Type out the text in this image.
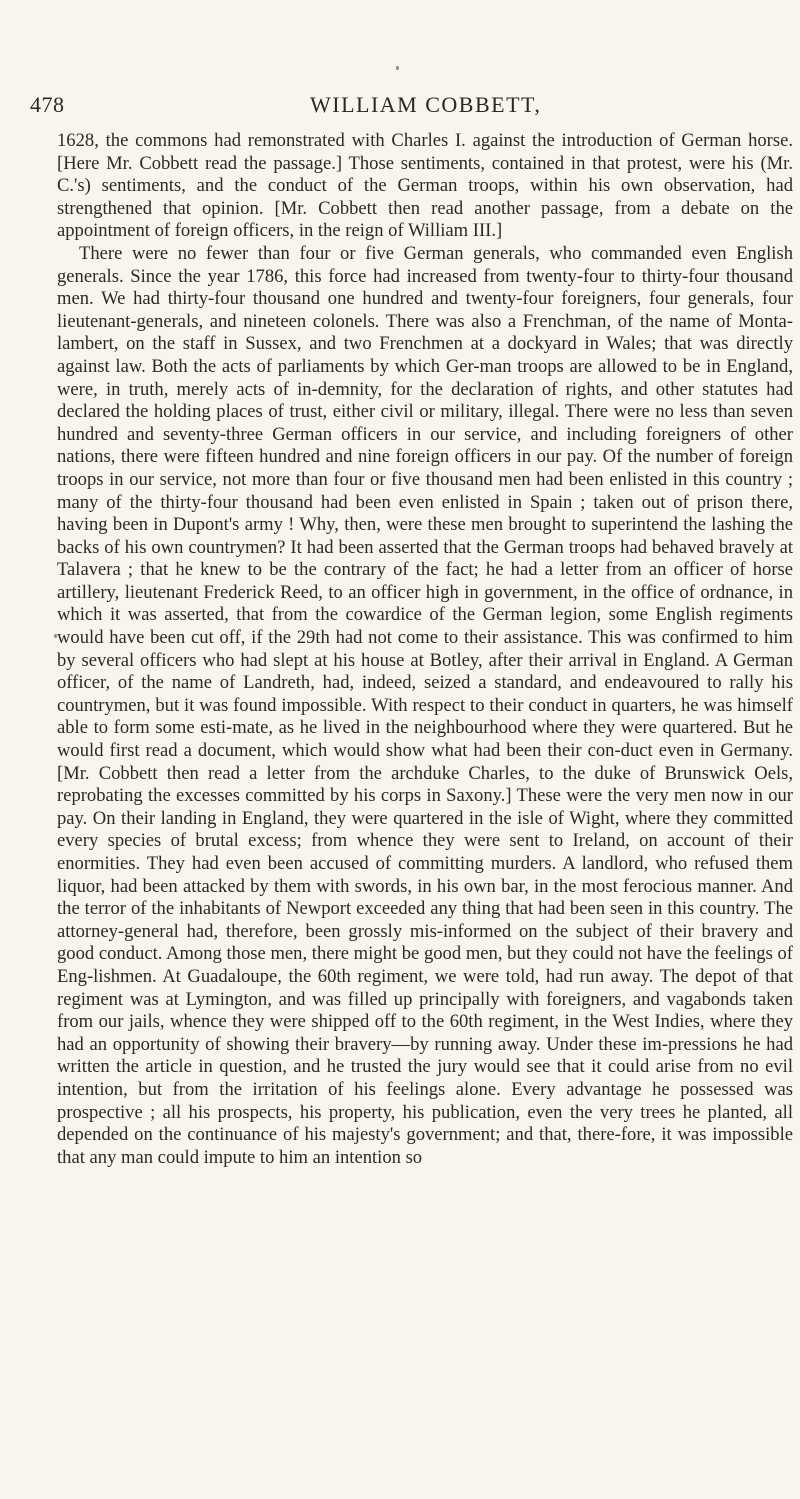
478	WILLIAM COBBETT,

1628, the commons had remonstrated with Charles I. against the introduction of German horse. [Here Mr. Cobbett read the passage.] Those sentiments, contained in that protest, were his (Mr. C.'s) sentiments, and the conduct of the German troops, within his own observation, had strengthened that opinion. [Mr. Cobbett then read another passage, from a debate on the appointment of foreign officers, in the reign of William III.]

There were no fewer than four or five German generals, who commanded even English generals. Since the year 1786, this force had increased from twenty-four to thirty-four thousand men. We had thirty-four thousand one hundred and twenty-four foreigners, four generals, four lieutenant-generals, and nineteen colonels. There was also a Frenchman, of the name of Monta-lambert, on the staff in Sussex, and two Frenchmen at a dockyard in Wales; that was directly against law. Both the acts of parliaments by which Ger-man troops are allowed to be in England, were, in truth, merely acts of in-demnity, for the declaration of rights, and other statutes had declared the holding places of trust, either civil or military, illegal. There were no less than seven hundred and seventy-three German officers in our service, and including foreigners of other nations, there were fifteen hundred and nine foreign officers in our pay. Of the number of foreign troops in our service, not more than four or five thousand men had been enlisted in this country ; many of the thirty-four thousand had been even enlisted in Spain ; taken out of prison there, having been in Dupont's army ! Why, then, were these men brought to superintend the lashing the backs of his own countrymen? It had been asserted that the German troops had behaved bravely at Talavera ; that he knew to be the contrary of the fact; he had a letter from an officer of horse artillery, lieutenant Frederick Reed, to an officer high in government, in the office of ordnance, in which it was asserted, that from the cowardice of the German legion, some English regiments would have been cut off, if the 29th had not come to their assistance. This was confirmed to him by several officers who had slept at his house at Botley, after their arrival in England. A German officer, of the name of Landreth, had, indeed, seized a standard, and endeavoured to rally his countrymen, but it was found impossible. With respect to their conduct in quarters, he was himself able to form some esti-mate, as he lived in the neighbourhood where they were quartered. But he would first read a document, which would show what had been their con-duct even in Germany. [Mr. Cobbett then read a letter from the archduke Charles, to the duke of Brunswick Oels, reprobating the excesses committed by his corps in Saxony.] These were the very men now in our pay. On their landing in England, they were quartered in the isle of Wight, where they committed every species of brutal excess; from whence they were sent to Ireland, on account of their enormities. They had even been accused of committing murders. A landlord, who refused them liquor, had been attacked by them with swords, in his own bar, in the most ferocious manner. And the terror of the inhabitants of Newport exceeded any thing that had been seen in this country. The attorney-general had, therefore, been grossly mis-informed on the subject of their bravery and good conduct. Among those men, there might be good men, but they could not have the feelings of Eng-lishmen. At Guadaloupe, the 60th regiment, we were told, had run away. The depot of that regiment was at Lymington, and was filled up principally with foreigners, and vagabonds taken from our jails, whence they were shipped off to the 60th regiment, in the West Indies, where they had an opportunity of showing their bravery—by running away. Under these im-pressions he had written the article in question, and he trusted the jury would see that it could arise from no evil intention, but from the irritation of his feelings alone. Every advantage he possessed was prospective ; all his prospects, his property, his publication, even the very trees he planted, all depended on the continuance of his majesty's government; and that, there-fore, it was impossible that any man could impute to him an intention so
